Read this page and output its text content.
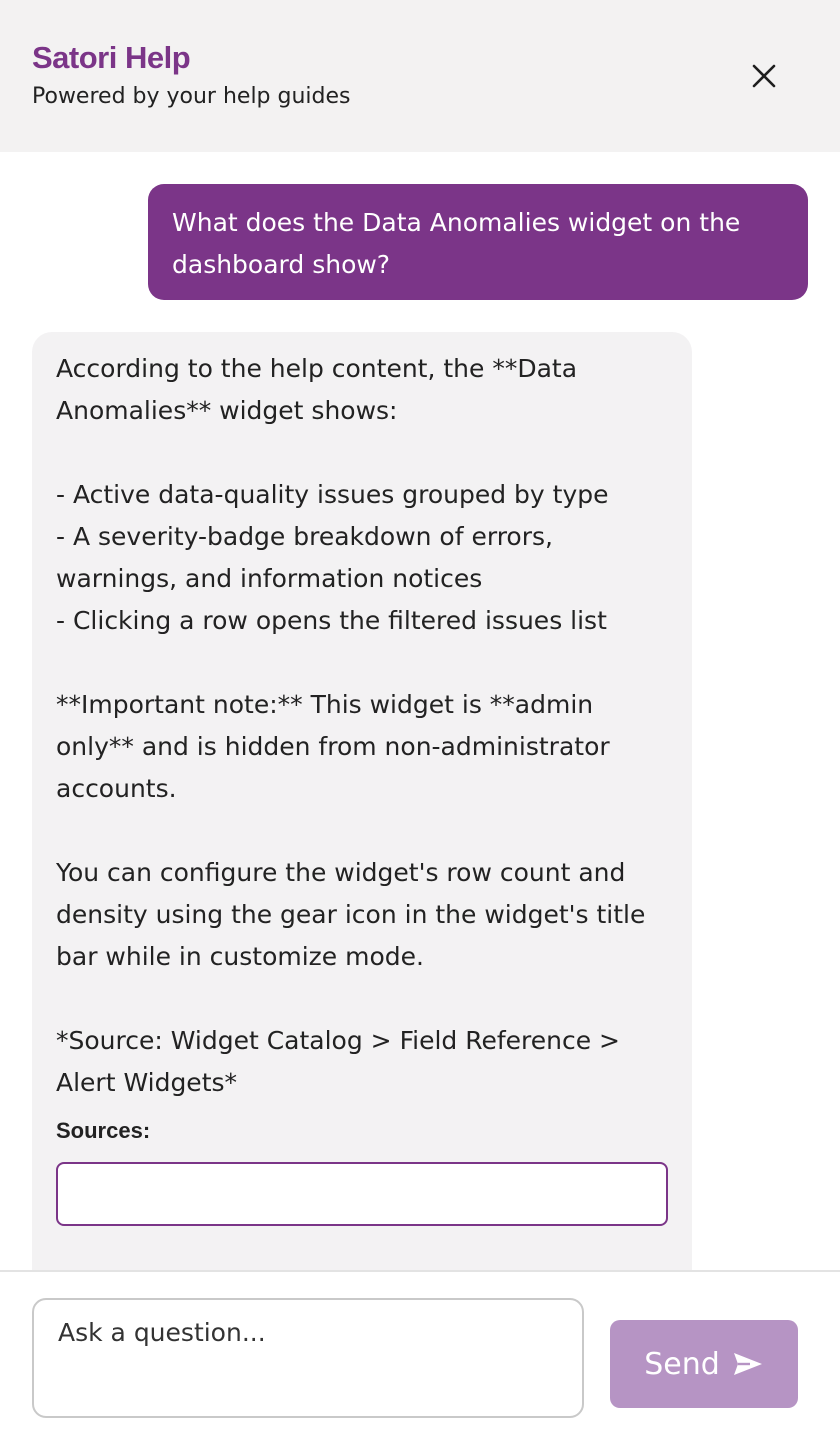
Satori Help
Powered by your help guides
What does the Data Anomalies widget on the dashboard show?

According to the help content, the **Data Anomalies** widget shows:

- Active data-quality issues grouped by type
- A severity-badge breakdown of errors, warnings, and information notices
- Clicking a row opens the filtered issues list

**Important note:** This widget is **admin only** and is hidden from non-administrator accounts.

You can configure the widget's row count and density using the gear icon in the widget's title bar while in customize mode.

*Source: Widget Catalog > Field Reference > Alert Widgets*

Sources:
Ask a question...
Send
